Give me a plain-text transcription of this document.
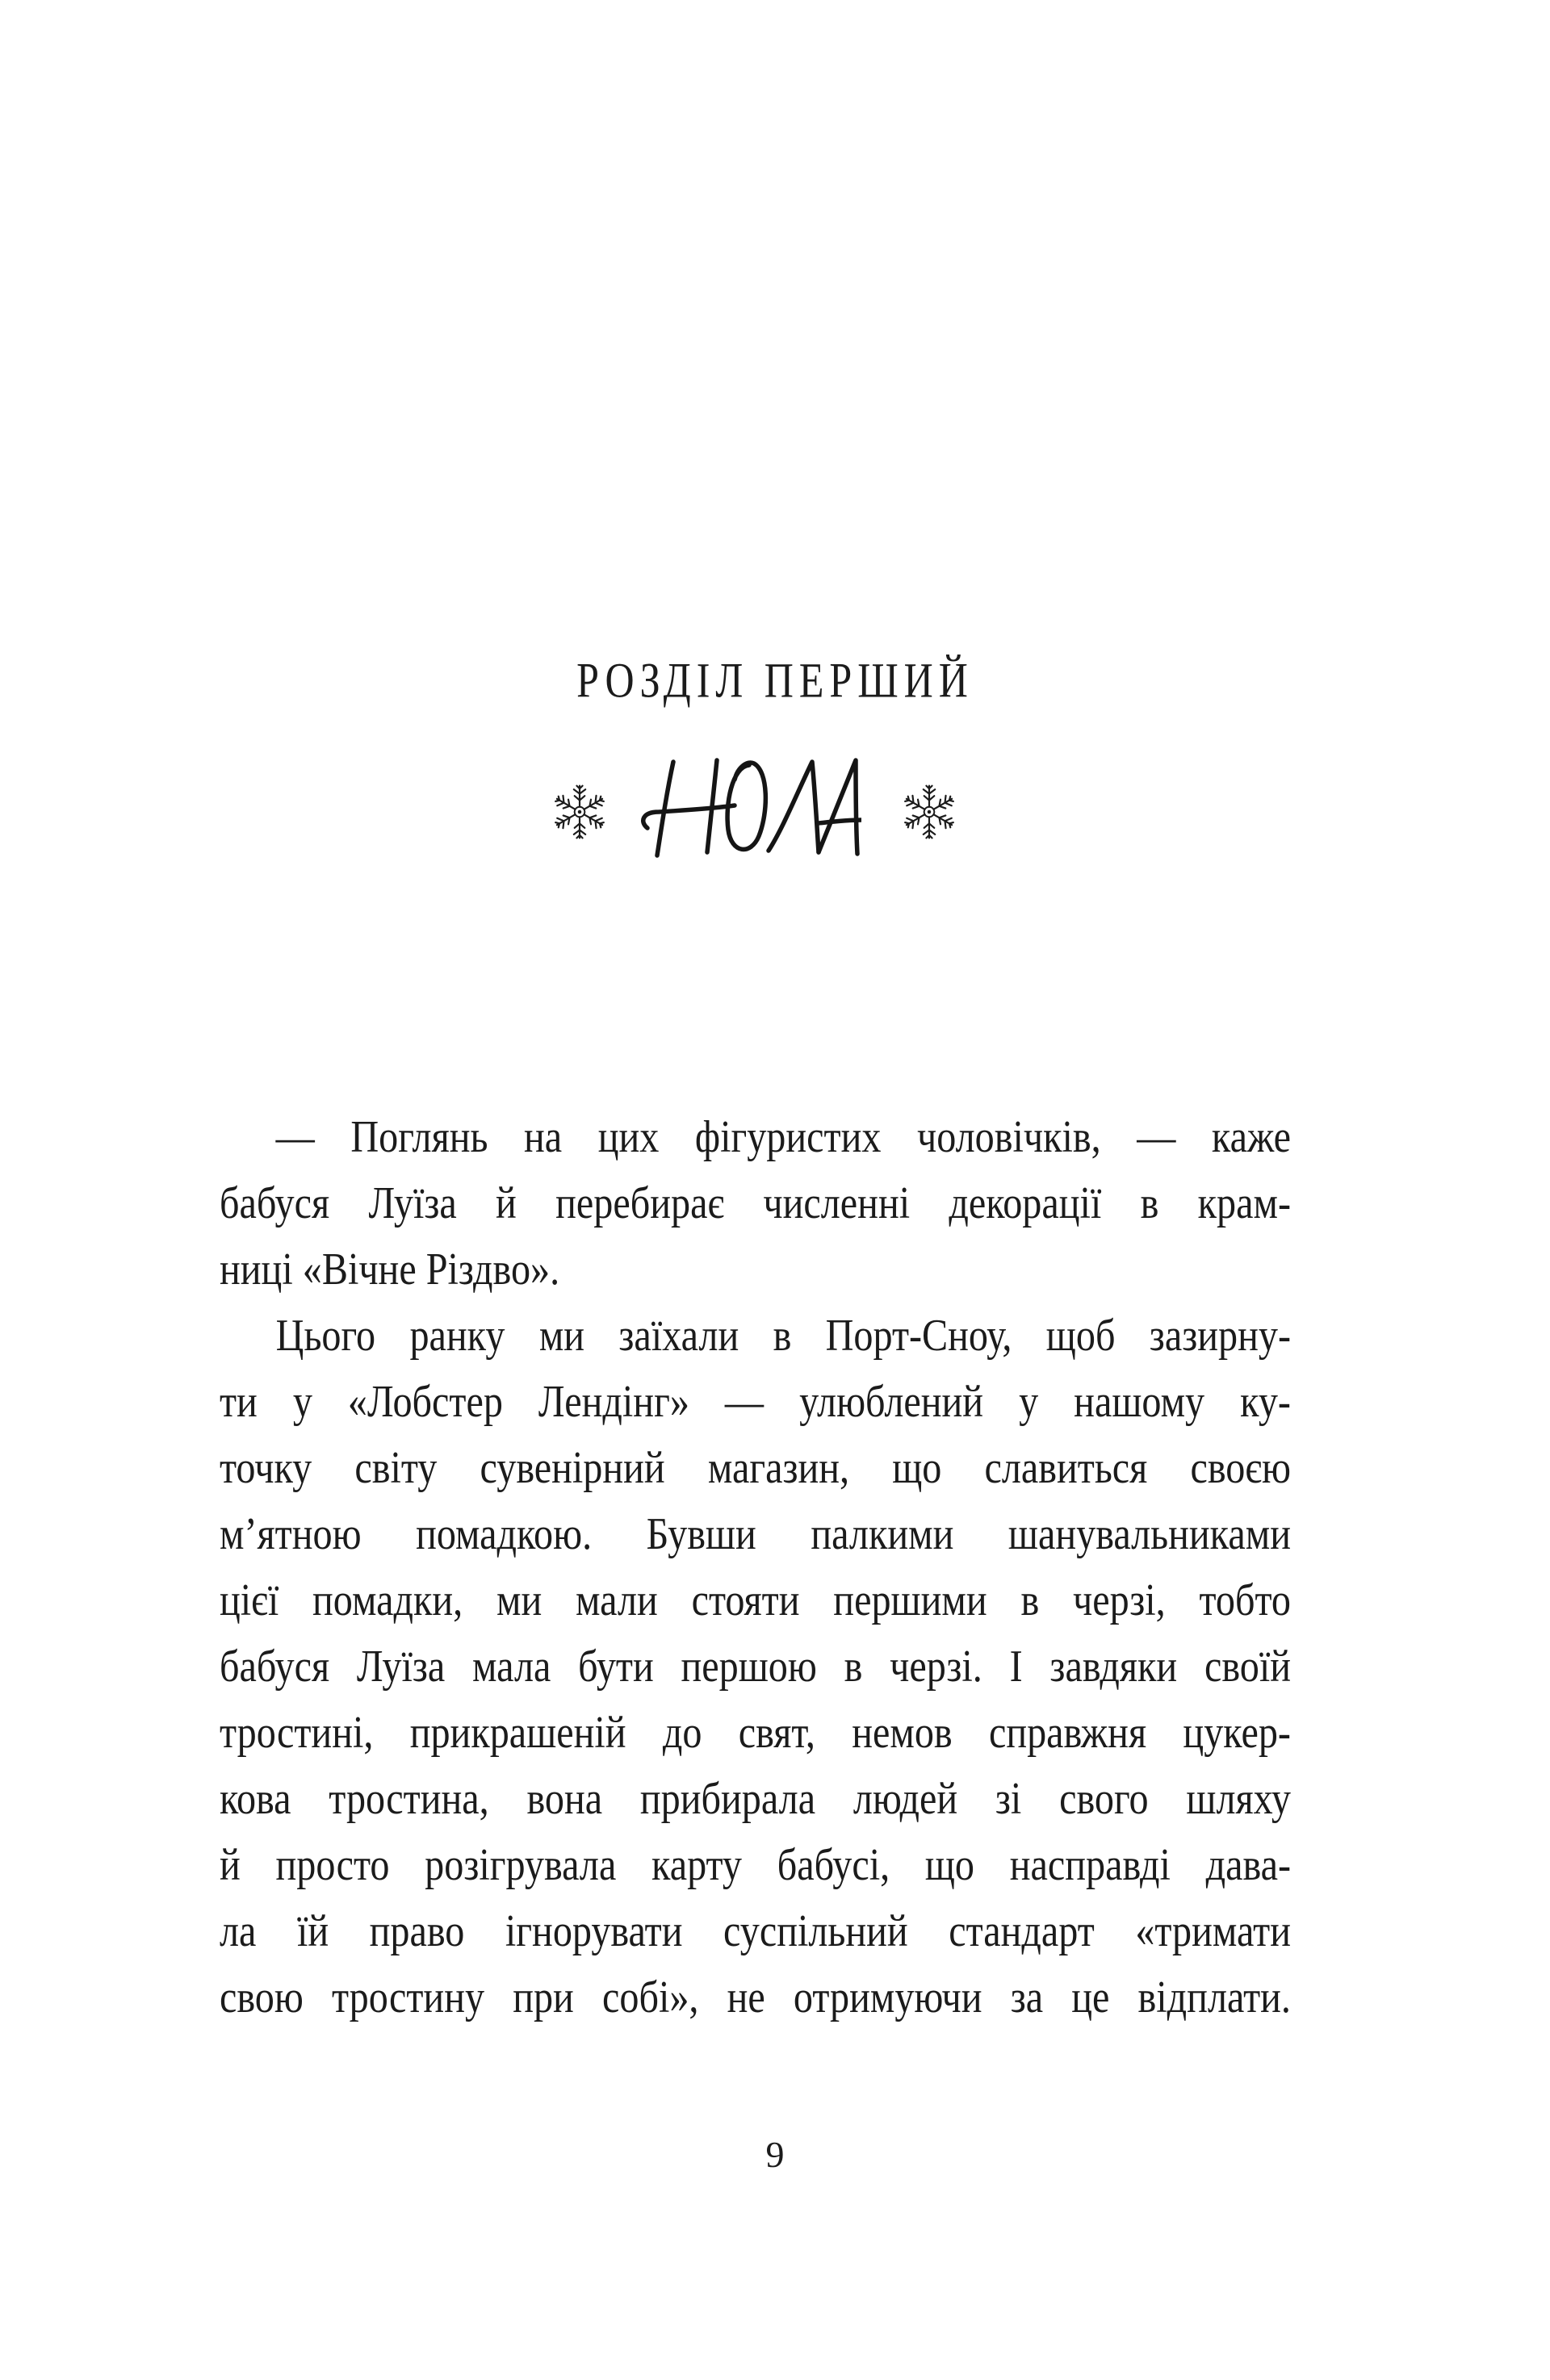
РОЗДІЛ ПЕРШИЙ
— Поглянь на цих фігуристих чоловічків, — каже
бабуся Луїза й перебирає численні декорації в крам-
ниці «Вічне Різдво».
Цього ранку ми заїхали в Порт-Сноу, щоб зазирну-
ти у «Лобстер Лендінг» — улюблений у нашому ку-
точку світу сувенірний магазин, що славиться своєю
м’ятною помадкою. Бувши палкими шанувальниками
цієї помадки, ми мали стояти першими в черзі, тобто
бабуся Луїза мала бути першою в черзі. І завдяки своїй
тростині, прикрашеній до свят, немов справжня цукер-
кова тростина, вона прибирала людей зі свого шляху
й просто розігрувала карту бабусі, що насправді дава-
ла їй право ігнорувати суспільний стандарт «тримати
свою тростину при собі», не отримуючи за це відплати.
9
